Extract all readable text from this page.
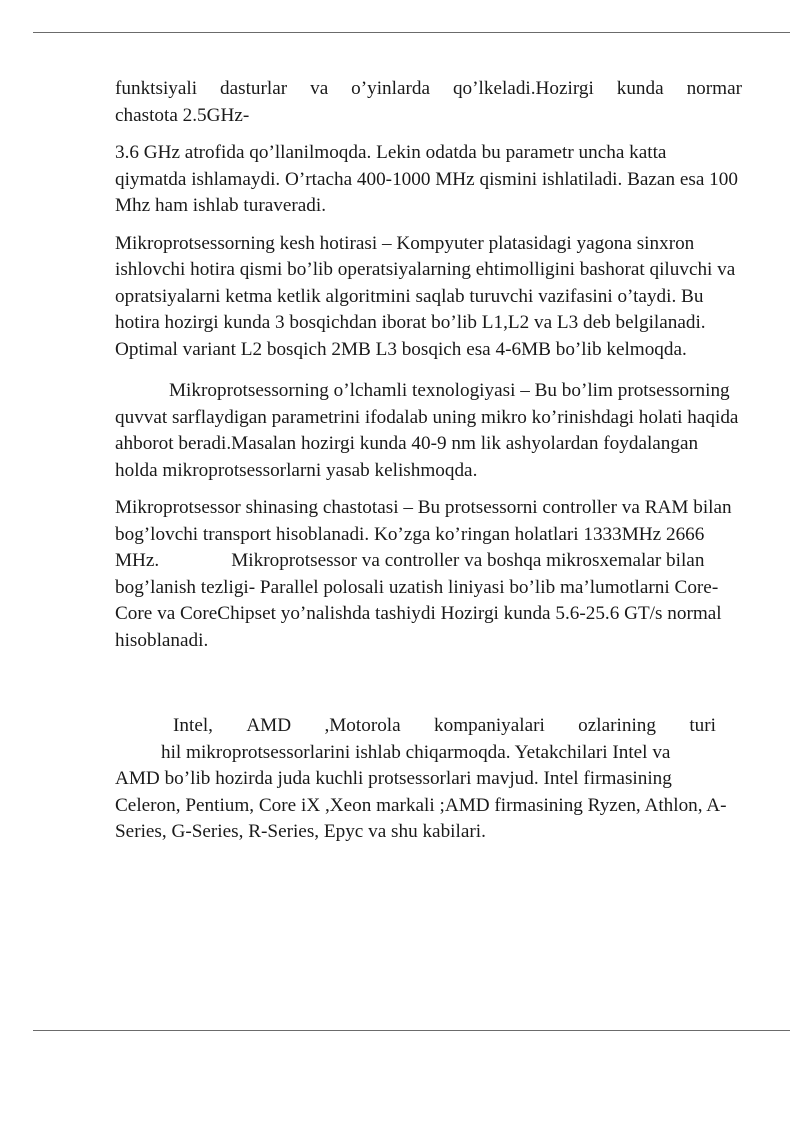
funktsiyali dasturlar va o’yinlarda qo’lkeladi.Hozirgi kunda normar
chastota 2.5GHz-

3.6 GHz atrofida qo’llanilmoqda. Lekin odatda bu parametr uncha katta qiymatda ishlamaydi. O’rtacha 400-1000 MHz qismini ishlatiladi. Bazan esa 100 Mhz ham ishlab turaveradi.

Mikroprotsessorning kesh hotirasi – Kompyuter platasidagi yagona sinxron ishlovchi hotira qismi bo’lib operatsiyalarning ehtimolligini bashorat qiluvchi va opratsiyalarni ketma ketlik algoritmini saqlab turuvchi vazifasini o’taydi. Bu hotira hozirgi kunda 3 bosqichdan iborat bo’lib L1,L2 va L3 deb belgilanadi. Optimal variant L2 bosqich 2MB L3 bosqich esa 4-6MB bo’lib kelmoqda.

Mikroprotsessorning o’lchamli texnologiyasi – Bu bo’lim protsessorning quvvat sarflaydigan parametrini ifodalab uning mikro ko’rinishdagi holati haqida ahborot beradi.Masalan hozirgi kunda 40-9 nm lik ashyolardan foydalangan holda mikroprotsessorlarni yasab kelishmoqda.

Mikroprotsessor shinasing chastotasi – Bu protsessorni controller va RAM bilan bog’lovchi transport hisoblanadi. Ko’zga ko’ringan holatlari 1333MHz 2666 MHz.	Mikroprotsessor va controller va boshqa mikrosxemalar bilan bog’lanish tezligi- Parallel polosali uzatish liniyasi bo’lib ma’lumotlarni Core-Core va CoreChipset yo’nalishda tashiydi Hozirgi kunda 5.6-25.6 GT/s normal hisoblanadi.

Intel, AMD ,Motorola kompaniyalari ozlarining turi
hil mikroprotsessorlarini ishlab chiqarmoqda. Yetakchilari Intel va
AMD bo’lib hozirda juda kuchli protsessorlari mavjud. Intel firmasining Celeron, Pentium, Core iX ,Xeon markali ;AMD firmasining Ryzen, Athlon, A-Series, G-Series, R-Series, Epyc va shu kabilari.
